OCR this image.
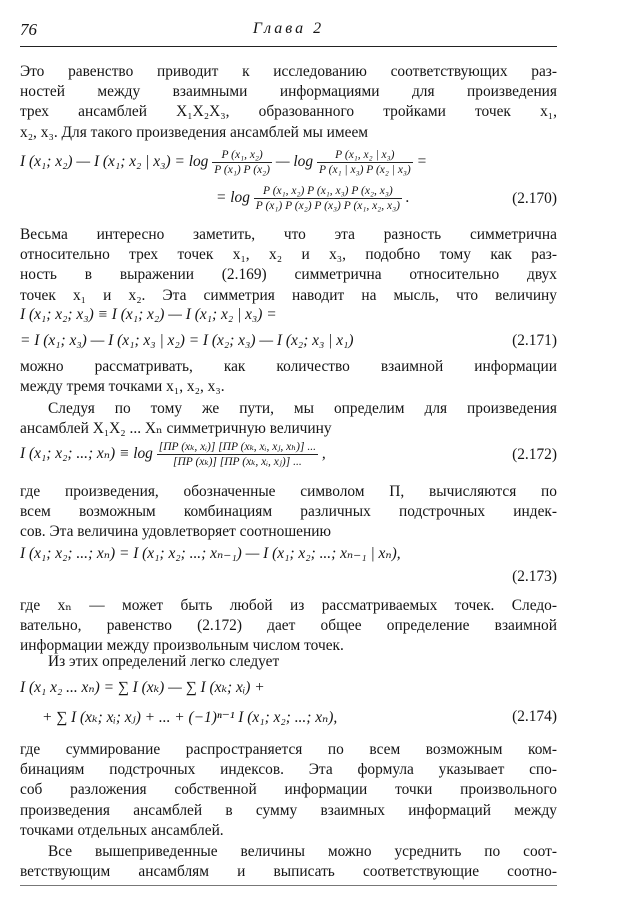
76	Глава 2
Это равенство приводит к исследованию соответствующих раз-
ностей между взаимными информациями для произведения
трех ансамблей X₁X₂X₃, образованного тройками точек x₁,
x₂, x₃. Для такого произведения ансамблей мы имеем
I (x₁; x₂) — I (x₁; x₂ | $x_3) = \log \frac{\text{P (x₁, x₂)}}{\text{P (x₁) P (x₂)}}$ — $\log \frac{\text{P (x₁, x₂ | x₃)}}{\text{P (x₁ | x₃) P (x₂ | x₃)}}$ =
= $\log \frac{\text{P (x₁, x₂) P (x₁, x₃) P (x₂, x₃)}}{\text{P (x₁) P (x₂) P (x₃) P (x₁, x₂, x₃)}}$ .	(2.170)
Весьма интересно заметить, что эта разность симметрична
относительно трех точек x₁, x₂ и x₃, подобно тому как раз-
ность в выражении (2.169) симметрична относительно двух
точек x₁ и x₂. Эта симметрия наводит на мысль, что величину
I (x₁; x₂; x₃) ≡ I (x₁; x₂) — I (x₁; x₂ | x₃) =
= I (x₁; x₃) — I (x₁; x₃ | x₂) = I (x₂; x₃) — I (x₂; x₃ | x₁)	(2.171)
можно рассматривать, как количество взаимной информации
между тремя точками x₁, x₂, x₃.
Следуя по тому же пути, мы определим для произведения
ансамблей X₁X₂ ... Xₙ симметричную величину
I (x₁; x₂; ...; $x_n) \equiv \log \frac{\text{[ΠP (xₖ, xᵢ)] [ΠP (xₖ, xᵢ, xⱼ, xₕ)] ...}}{\text{[ΠP (xₖ)] [ΠP (xₖ, xᵢ, xⱼ)] ...}}$ ,	(2.172)
где произведения, обозначенные символом Π, вычисляются по
всем возможным комбинациям различных подстрочных индек-
сов. Эта величина удовлетворяет соотношению
I (x₁; x₂; ...; xₙ) = I (x₁; x₂; ...; xₙ₋₁) — I (x₁; x₂; ...; xₙ₋₁ | xₙ),
(2.173)
где xₙ — может быть любой из рассматриваемых точек. Следо-
вательно, равенство (2.172) дает общее определение взаимной
информации между произвольным числом точек.
Из этих определений легко следует
I (x₁ x₂ ... xₙ) = ∑ I (xₖ) — ∑ I (xₖ; xᵢ) +
+ ∑ I (xₖ; xᵢ; xⱼ) + ... + (−1)ⁿ⁻¹ I (x₁; x₂; ...; xₙ),	(2.174)
где суммирование распространяется по всем возможным ком-
бинациям подстрочных индексов. Эта формула указывает спо-
соб разложения собственной информации точки произвольного
произведения ансамблей в сумму взаимных информаций между
точками отдельных ансамблей.
Все вышеприведенные величины можно усреднить по соот-
ветствующим ансамблям и выписать соответствующие соотно-
